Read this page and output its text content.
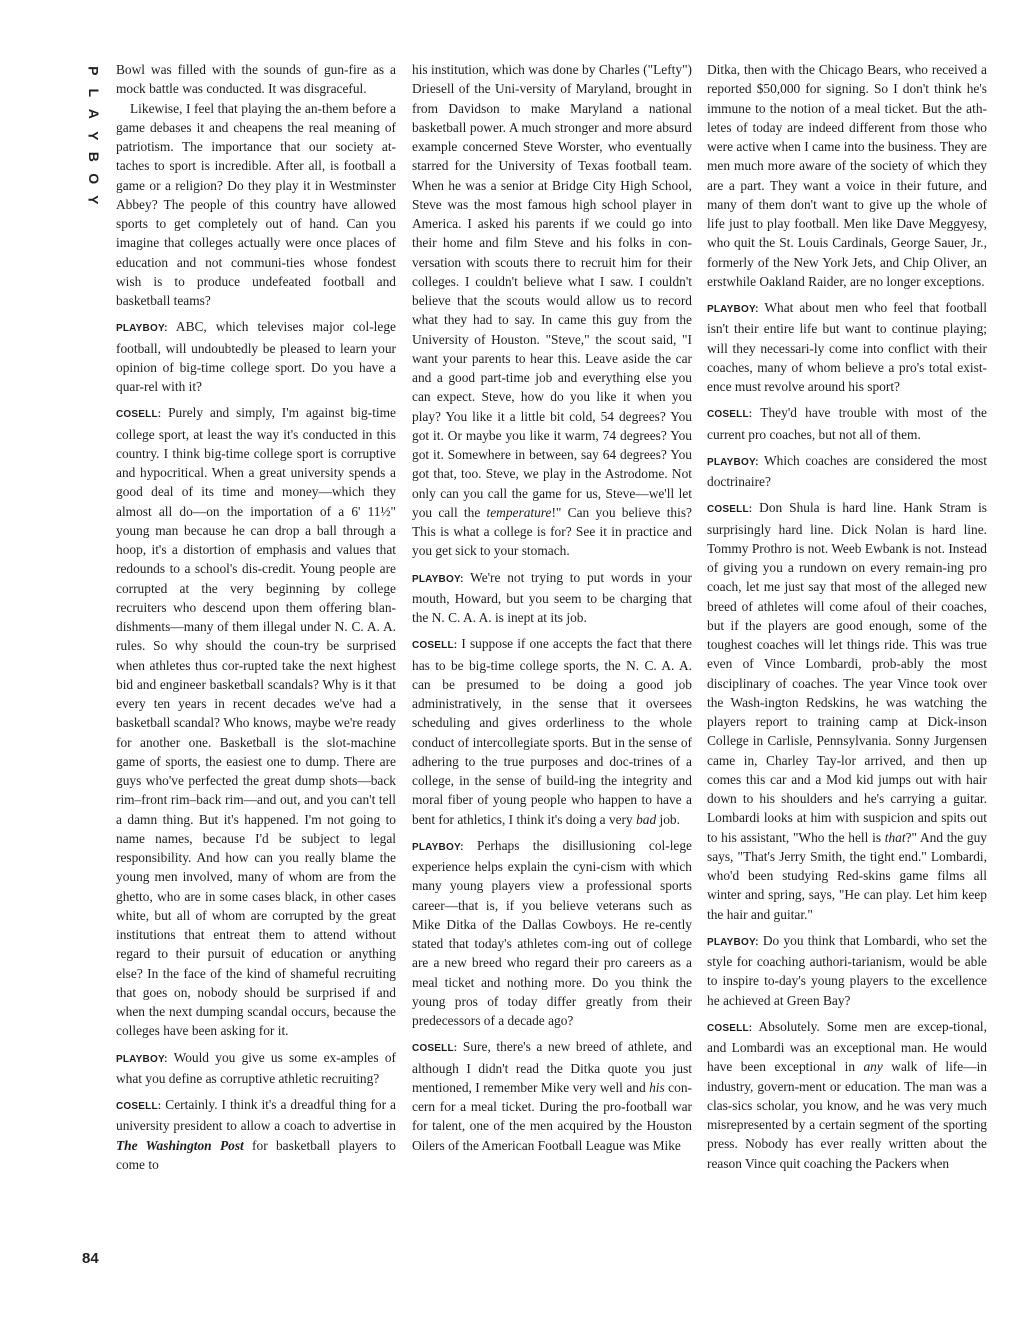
P
L
A
Y
B
O
Y
84

Bowl was filled with the sounds of gun-fire as a mock battle was conducted. It was disgraceful.

Likewise, I feel that playing the an-them before a game debases it and cheapens the real meaning of patriotism. The importance that our society at-taches to sport is incredible. After all, is football a game or a religion? Do they play it in Westminster Abbey? The people of this country have allowed sports to get completely out of hand. Can you imagine that colleges actually were once places of education and not communi-ties whose fondest wish is to produce undefeated football and basketball teams?

PLAYBOY: ABC, which televises major col-lege football, will undoubtedly be pleased to learn your opinion of big-time college sport. Do you have a quar-rel with it?

COSELL: Purely and simply, I'm against big-time college sport, at least the way it's conducted in this country. I think big-time college sport is corruptive and hypocritical. When a great university spends a good deal of its time and money—which they almost all do—on the importation of a 6' 11½" young man because he can drop a ball through a hoop, it's a distortion of emphasis and values that redounds to a school's dis-credit. Young people are corrupted at the very beginning by college recruiters who descend upon them offering blan-dishments—many of them illegal under N. C. A. A. rules. So why should the coun-try be surprised when athletes thus cor-rupted take the next highest bid and engineer basketball scandals? Why is it that every ten years in recent decades we've had a basketball scandal? Who knows, maybe we're ready for another one. Basketball is the slot-machine game of sports, the easiest one to dump. There are guys who've perfected the great dump shots—back rim–front rim–back rim—and out, and you can't tell a damn thing. But it's happened. I'm not going to name names, because I'd be subject to legal responsibility. And how can you really blame the young men involved, many of whom are from the ghetto, who are in some cases black, in other cases white, but all of whom are corrupted by the great institutions that entreat them to attend without regard to their pursuit of education or anything else? In the face of the kind of shameful recruiting that goes on, nobody should be surprised if and when the next dumping scandal occurs, because the colleges have been asking for it.

PLAYBOY: Would you give us some ex-amples of what you define as corruptive athletic recruiting?

COSELL: Certainly. I think it's a dreadful thing for a university president to allow a coach to advertise in The Washington Post for basketball players to come to

his institution, which was done by Charles ("Lefty") Driesell of the Uni-versity of Maryland, brought in from Davidson to make Maryland a national basketball power. A much stronger and more absurd example concerned Steve Worster, who eventually starred for the University of Texas football team. When he was a senior at Bridge City High School, Steve was the most famous high school player in America. I asked his parents if we could go into their home and film Steve and his folks in con-versation with scouts there to recruit him for their colleges. I couldn't believe what I saw. I couldn't believe that the scouts would allow us to record what they had to say. In came this guy from the University of Houston. "Steve," the scout said, "I want your parents to hear this. Leave aside the car and a good part-time job and everything else you can expect. Steve, how do you like it when you play? You like it a little bit cold, 54 degrees? You got it. Or maybe you like it warm, 74 degrees? You got it. Somewhere in between, say 64 degrees? You got that, too. Steve, we play in the Astrodome. Not only can you call the game for us, Steve—we'll let you call the temperature!" Can you believe this? This is what a college is for? See it in practice and you get sick to your stomach.

PLAYBOY: We're not trying to put words in your mouth, Howard, but you seem to be charging that the N. C. A. A. is inept at its job.

COSELL: I suppose if one accepts the fact that there has to be big-time college sports, the N. C. A. A. can be presumed to be doing a good job administratively, in the sense that it oversees scheduling and gives orderliness to the whole conduct of intercollegiate sports. But in the sense of adhering to the true purposes and doc-trines of a college, in the sense of build-ing the integrity and moral fiber of young people who happen to have a bent for athletics, I think it's doing a very bad job.

PLAYBOY: Perhaps the disillusioning col-lege experience helps explain the cyni-cism with which many young players view a professional sports career—that is, if you believe veterans such as Mike Ditka of the Dallas Cowboys. He re-cently stated that today's athletes com-ing out of college are a new breed who regard their pro careers as a meal ticket and nothing more. Do you think the young pros of today differ greatly from their predecessors of a decade ago?

COSELL: Sure, there's a new breed of athlete, and although I didn't read the Ditka quote you just mentioned, I remember Mike very well and his con-cern for a meal ticket. During the pro-football war for talent, one of the men acquired by the Houston Oilers of the American Football League was Mike

Ditka, then with the Chicago Bears, who received a reported $50,000 for signing. So I don't think he's immune to the notion of a meal ticket. But the ath-letes of today are indeed different from those who were active when I came into the business. They are men much more aware of the society of which they are a part. They want a voice in their future, and many of them don't want to give up the whole of life just to play football. Men like Dave Meggyesy, who quit the St. Louis Cardinals, George Sauer, Jr., formerly of the New York Jets, and Chip Oliver, an erstwhile Oakland Raider, are no longer exceptions.

PLAYBOY: What about men who feel that football isn't their entire life but want to continue playing; will they necessari-ly come into conflict with their coaches, many of whom believe a pro's total exist-ence must revolve around his sport?

COSELL: They'd have trouble with most of the current pro coaches, but not all of them.

PLAYBOY: Which coaches are considered the most doctrinaire?

COSELL: Don Shula is hard line. Hank Stram is surprisingly hard line. Dick Nolan is hard line. Tommy Prothro is not. Weeb Ewbank is not. Instead of giving you a rundown on every remain-ing pro coach, let me just say that most of the alleged new breed of athletes will come afoul of their coaches, but if the players are good enough, some of the toughest coaches will let things ride. This was true even of Vince Lombardi, prob-ably the most disciplinary of coaches. The year Vince took over the Wash-ington Redskins, he was watching the players report to training camp at Dick-inson College in Carlisle, Pennsylvania. Sonny Jurgensen came in, Charley Tay-lor arrived, and then up comes this car and a Mod kid jumps out with hair down to his shoulders and he's carrying a guitar. Lombardi looks at him with suspicion and spits out to his assistant, "Who the hell is that?" And the guy says, "That's Jerry Smith, the tight end." Lombardi, who'd been studying Red-skins game films all winter and spring, says, "He can play. Let him keep the hair and guitar."

PLAYBOY: Do you think that Lombardi, who set the style for coaching authori-tarianism, would be able to inspire to-day's young players to the excellence he achieved at Green Bay?

COSELL: Absolutely. Some men are excep-tional, and Lombardi was an exceptional man. He would have been exceptional in any walk of life—in industry, govern-ment or education. The man was a clas-sics scholar, you know, and he was very much misrepresented by a certain segment of the sporting press. Nobody has ever really written about the reason Vince quit coaching the Packers when
